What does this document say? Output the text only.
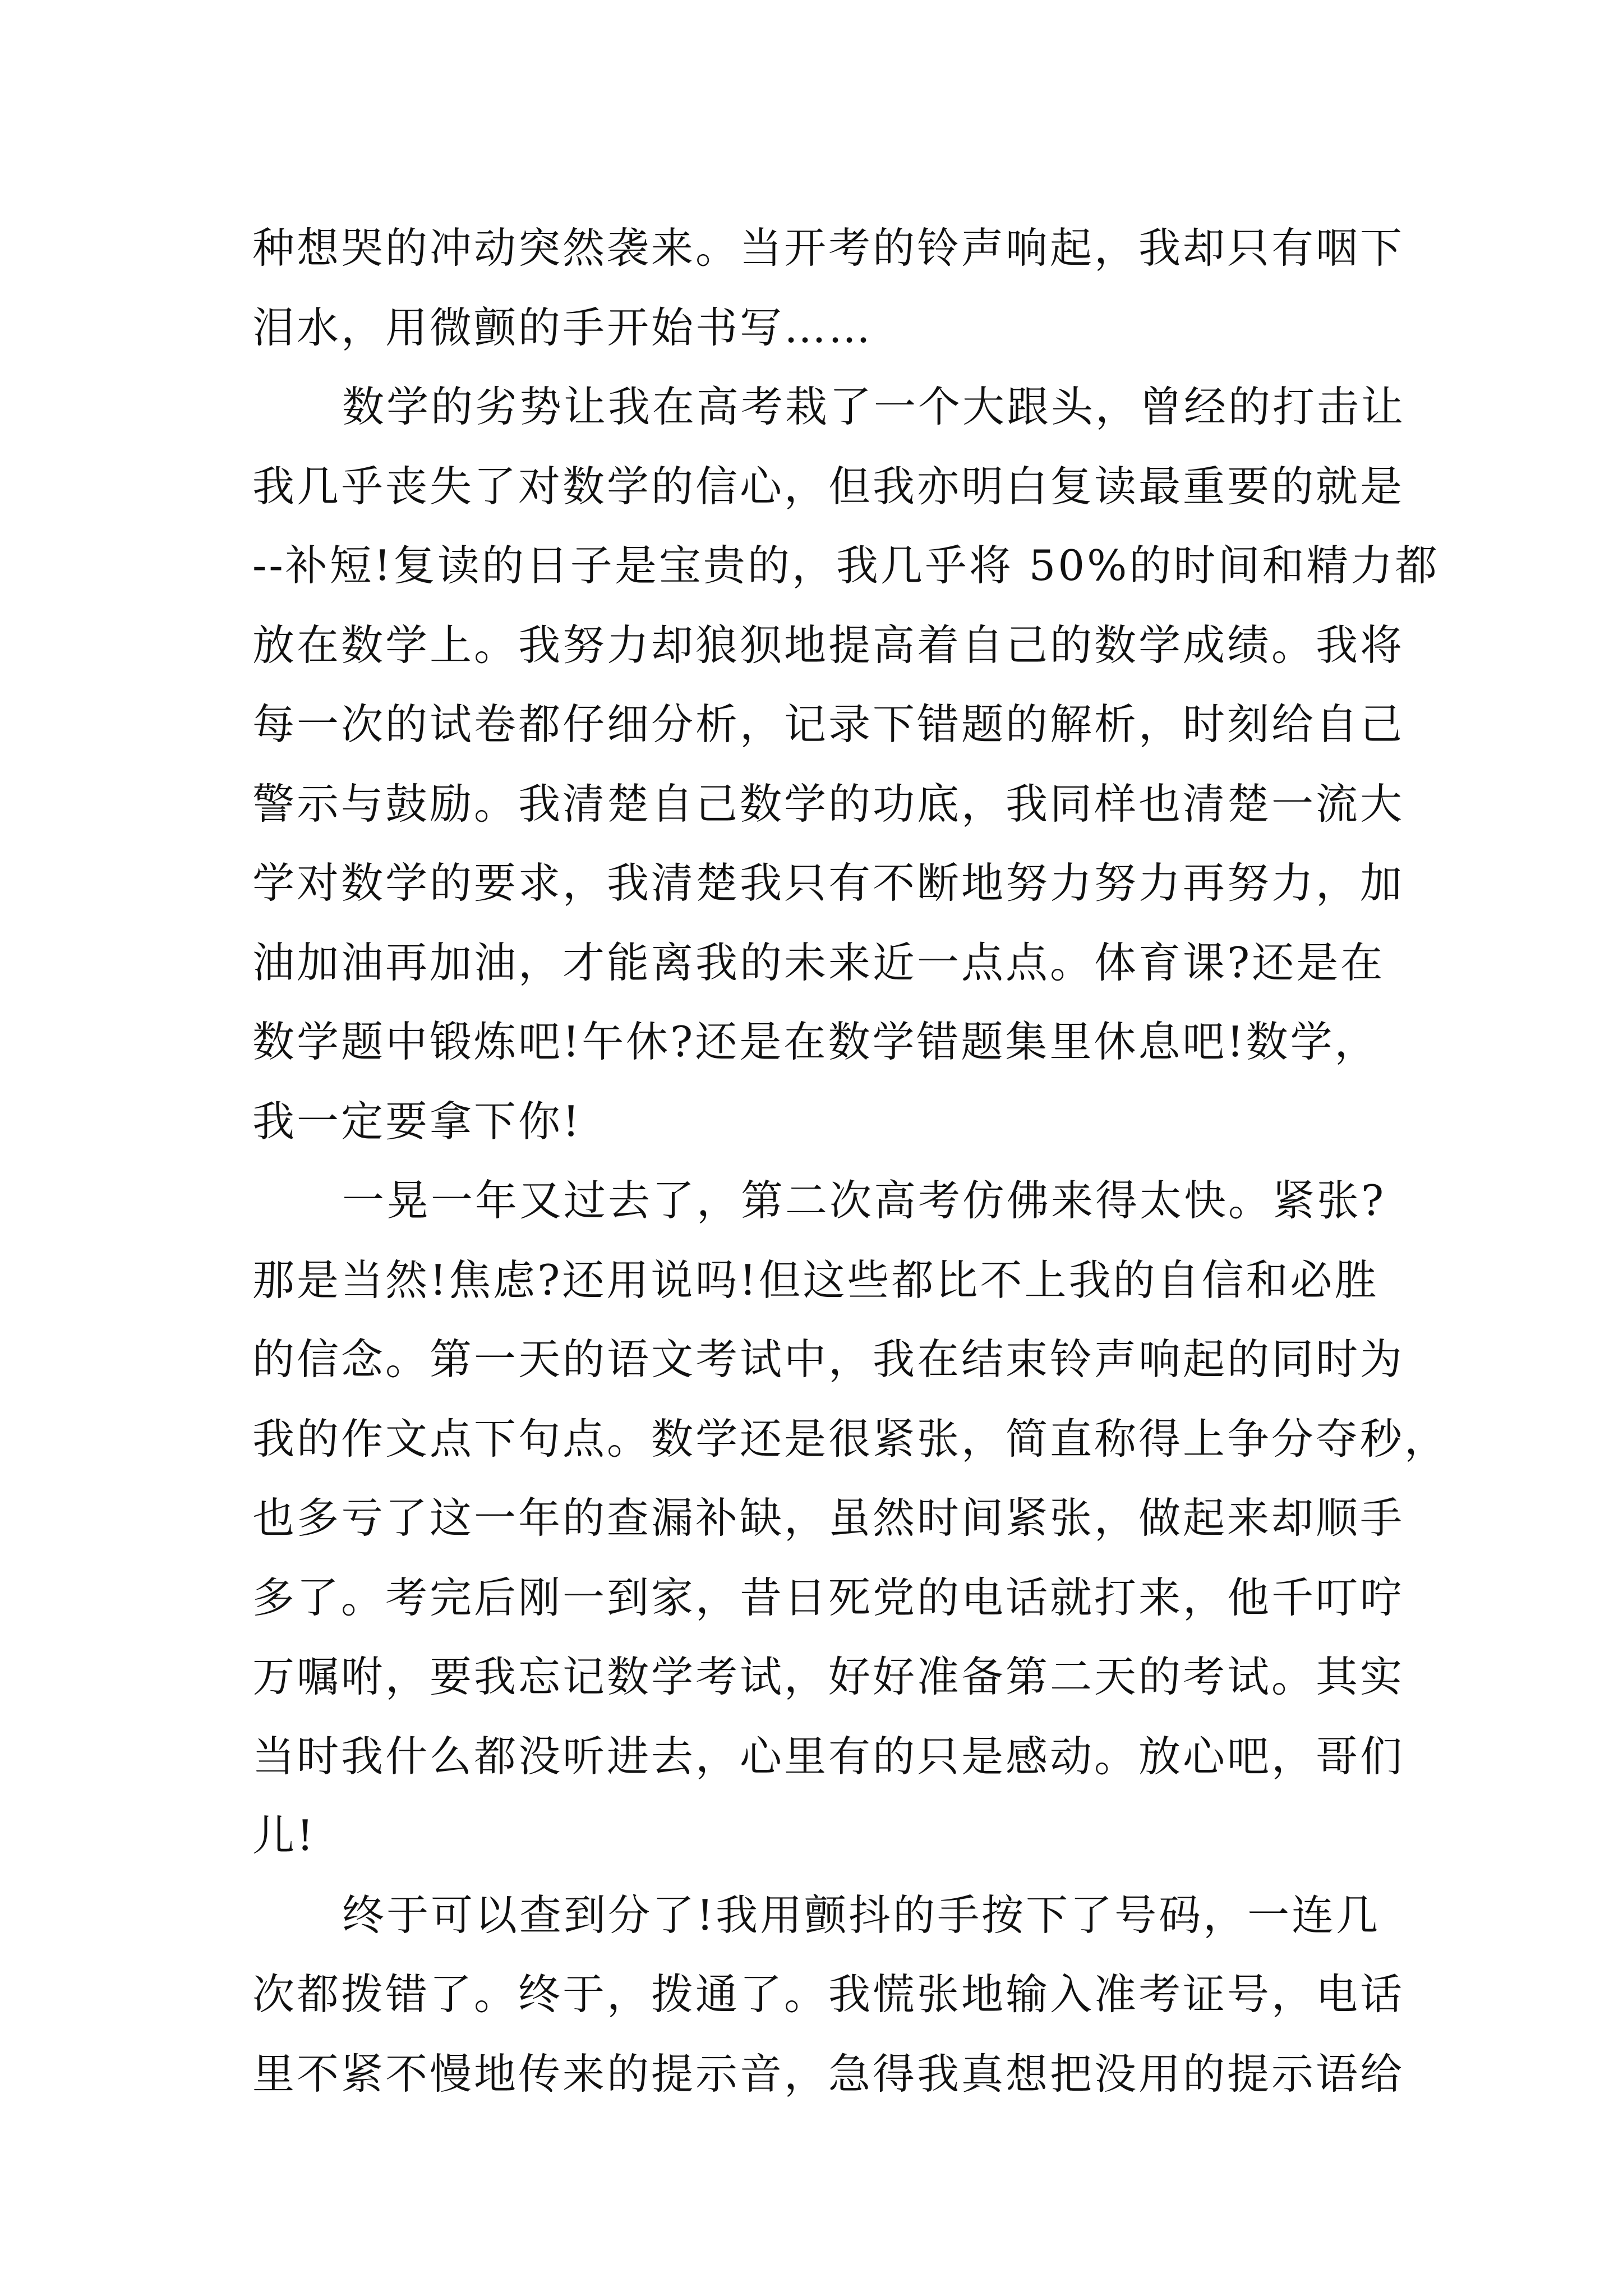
种想哭的冲动突然袭来。当开考的铃声响起，我却只有咽下
泪水，用微颤的手开始书写……
数学的劣势让我在高考栽了一个大跟头，曾经的打击让
我几乎丧失了对数学的信心，但我亦明白复读最重要的就是
--补短!复读的日子是宝贵的，我几乎将 50%的时间和精力都
放在数学上。我努力却狼狈地提高着自己的数学成绩。我将
每一次的试卷都仔细分析，记录下错题的解析，时刻给自己
警示与鼓励。我清楚自己数学的功底，我同样也清楚一流大
学对数学的要求，我清楚我只有不断地努力努力再努力，加
油加油再加油，才能离我的未来近一点点。体育课?还是在
数学题中锻炼吧!午休?还是在数学错题集里休息吧!数学，
我一定要拿下你!
一晃一年又过去了，第二次高考仿佛来得太快。紧张?
那是当然!焦虑?还用说吗!但这些都比不上我的自信和必胜
的信念。第一天的语文考试中，我在结束铃声响起的同时为
我的作文点下句点。数学还是很紧张，简直称得上争分夺秒，
也多亏了这一年的查漏补缺，虽然时间紧张，做起来却顺手
多了。考完后刚一到家，昔日死党的电话就打来，他千叮咛
万嘱咐，要我忘记数学考试，好好准备第二天的考试。其实
当时我什么都没听进去，心里有的只是感动。放心吧，哥们
儿!
终于可以查到分了!我用颤抖的手按下了号码，一连几
次都拨错了。终于，拨通了。我慌张地输入准考证号，电话
里不紧不慢地传来的提示音，急得我真想把没用的提示语给
